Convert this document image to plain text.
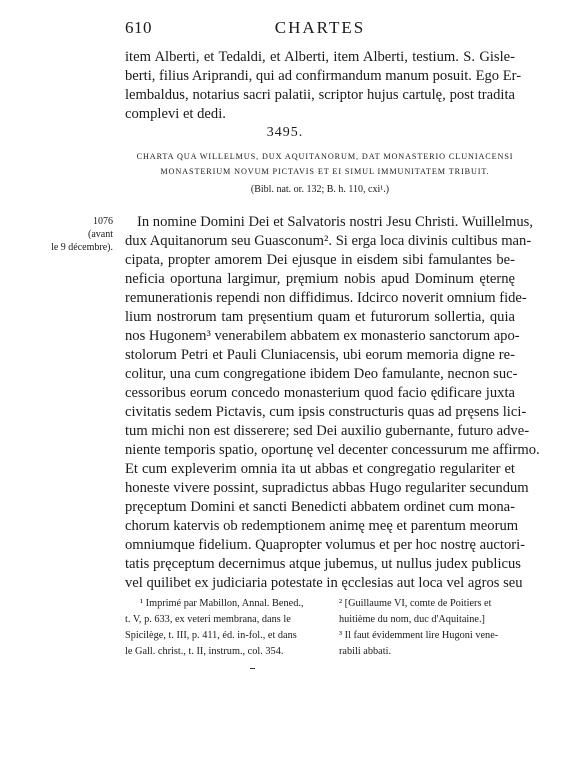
610	CHARTES
item Alberti, et Tedaldi, et Alberti, item Alberti, testium. S. Gisle-
berti, filius Ariprandi, qui ad confirmandum manum posuit. Ego Er-
lembaldus, notarius sacri palatii, scriptor hujus cartulę, post tradita
complevi et dedi.
3495.
CHARTA QUA WILLELMUS, DUX AQUITANORUM, DAT MONASTERIO CLUNIACENSI
MONASTERIUM NOVUM PICTAVIS ET EI SIMUL IMMUNITATEM TRIBUIT.
(Bibl. nat. or. 132; B. h. 110, cxi¹.)
1076
(avant
le 9 décembre).
In nomine Domini Dei et Salvatoris nostri Jesu Christi. Wuillelmus,
dux Aquitanorum seu Guasconum². Si erga loca divinis cultibus man-
cipata, propter amorem Dei ejusque in eisdem sibi famulantes be-
neficia oportuna largimur, pręmium nobis apud Dominum ęternę
remunerationis rependi non diffidimus. Idcirco noverit omnium fide-
lium nostrorum tam pręsentium quam et futurorum sollertia, quia
nos Hugonem³ venerabilem abbatem ex monasterio sanctorum apo-
stolorum Petri et Pauli Cluniacensis, ubi eorum memoria digne re-
colitur, una cum congregatione ibidem Deo famulante, necnon suc-
cessoribus eorum concedo monasterium quod facio ędificare juxta
civitatis sedem Pictavis, cum ipsis constructuris quas ad pręsens lici-
tum michi non est disserere; sed Dei auxilio gubernante, futuro adve-
niente temporis spatio, oportunę vel decenter concessurum me affirmo.
Et cum expleverim omnia ita ut abbas et congregatio regulariter et
honeste vivere possint, supradictus abbas Hugo regulariter secundum
pręceptum Domini et sancti Benedicti abbatem ordinet cum mona-
chorum katervis ob redemptionem animę meę et parentum meorum
omniumque fidelium. Quapropter volumus et per hoc nostrę auctori-
tatis pręceptum decernimus atque jubemus, ut nullus judex publicus
vel quilibet ex judiciaria potestate in ęcclesias aut loca vel agros seu
¹ Imprimé par Mabillon, Annal. Bened.,
t. V, p. 633, ex veteri membrana, dans le
Spicilège, t. III, p. 411, éd. in-fol., et dans
le Gall. christ., t. II, instrum., col. 354.
² [Guillaume VI, comte de Poitiers et
huitième du nom, duc d'Aquitaine.]
³ Il faut évidemment lire Hugoni vene-
rabili abbati.
